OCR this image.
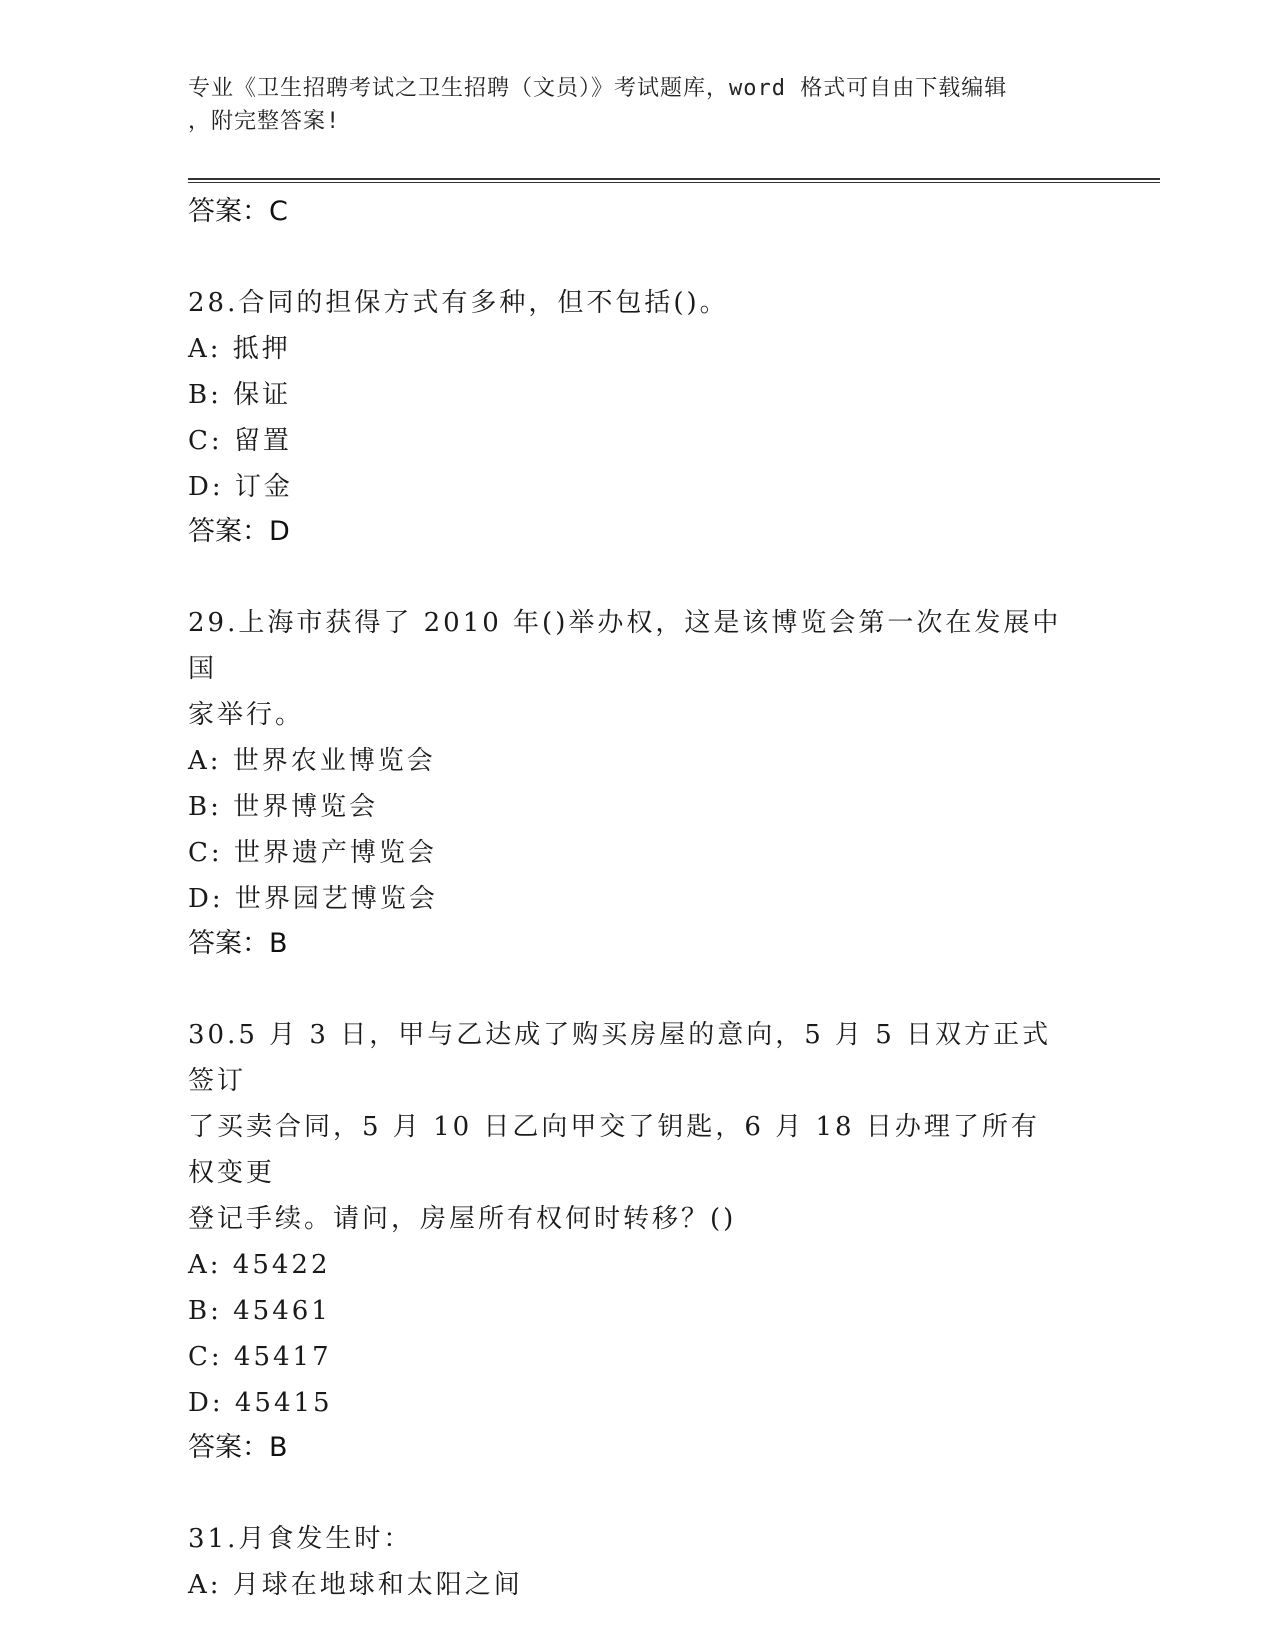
专业《卫生招聘考试之卫生招聘（文员）》考试题库，word 格式可自由下载编辑
，附完整答案!
答案：C
28.合同的担保方式有多种，但不包括()。
A: 抵押
B: 保证
C: 留置
D: 订金
答案：D
29.上海市获得了 2010 年()举办权，这是该博览会第一次在发展中国
家举行。
A: 世界农业博览会
B: 世界博览会
C: 世界遗产博览会
D: 世界园艺博览会
答案：B
30.5 月 3 日，甲与乙达成了购买房屋的意向，5 月 5 日双方正式签订
了买卖合同，5 月 10 日乙向甲交了钥匙，6 月 18 日办理了所有权变更
登记手续。请问，房屋所有权何时转移？()
A: 45422
B: 45461
C: 45417
D: 45415
答案：B
31.月食发生时：
A: 月球在地球和太阳之间
